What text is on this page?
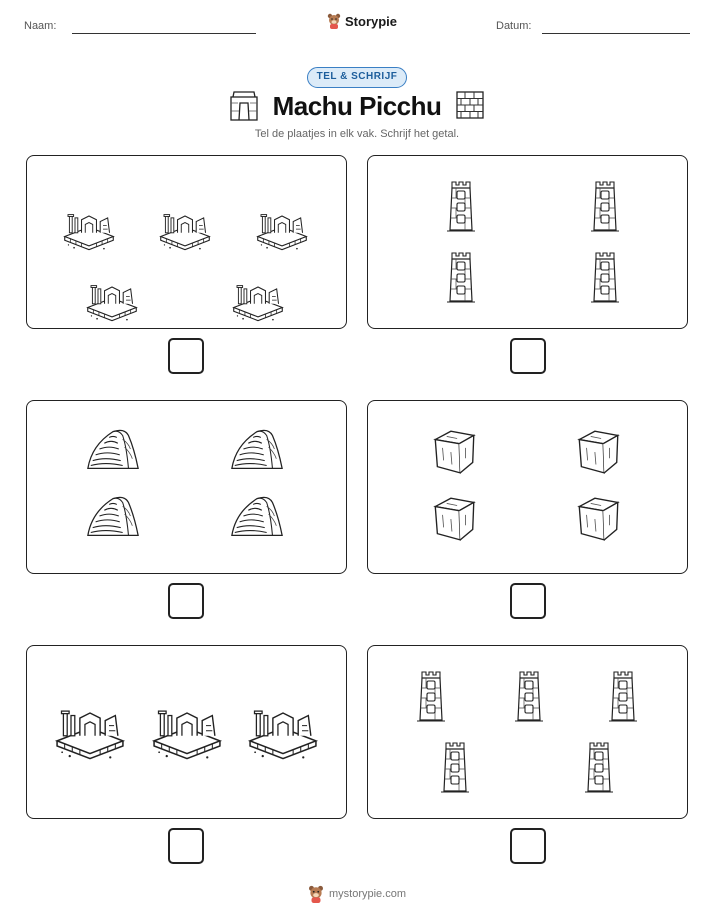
Naam:	Storypie	Datum:
TEL & SCHRIJF
Machu Picchu
Tel de plaatjes in elk vak. Schrijf het getal.
mystorypie.com
